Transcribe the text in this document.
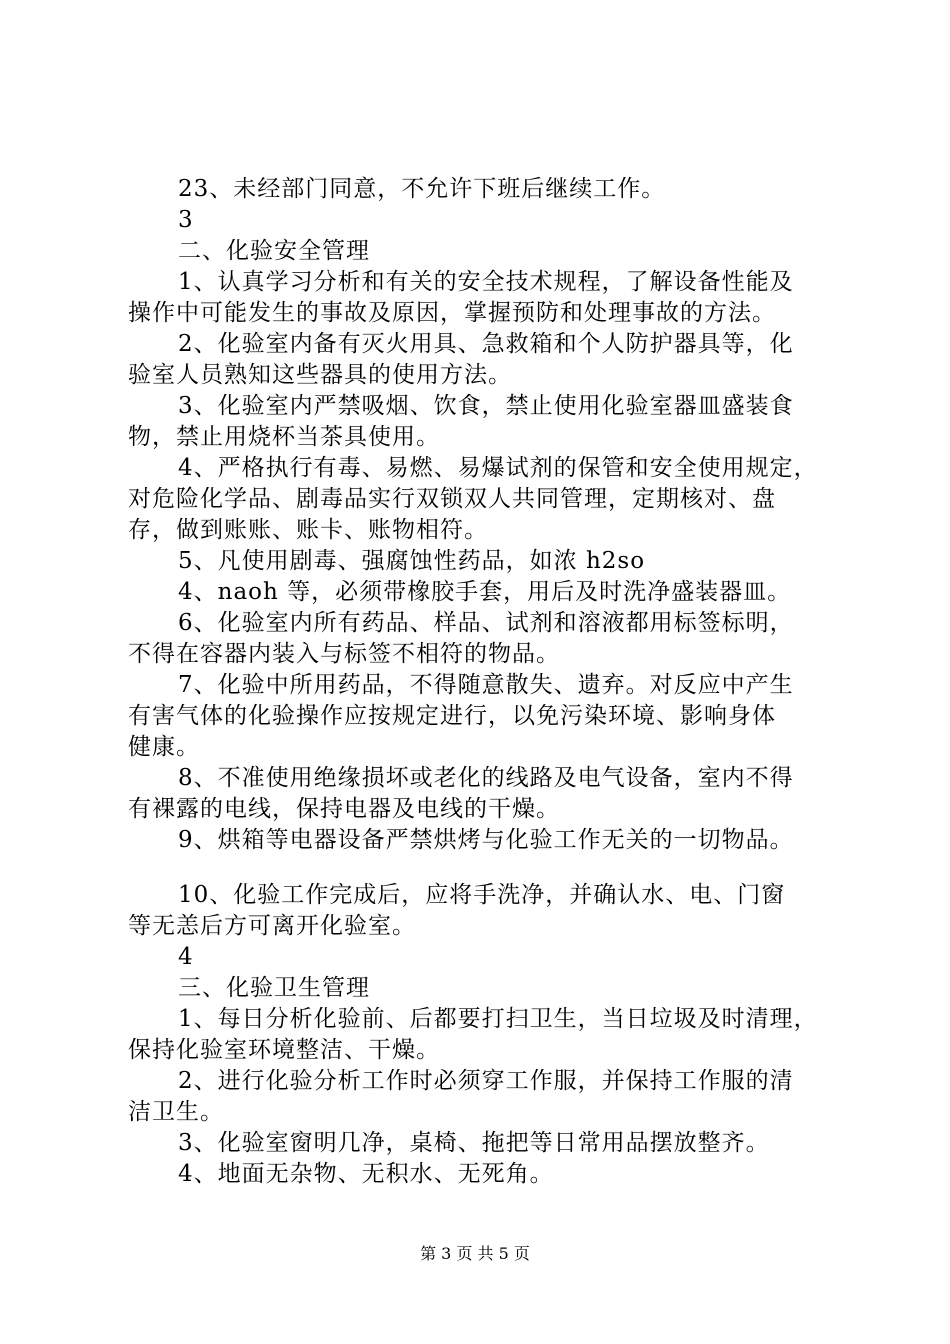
23、未经部门同意，不允许下班后继续工作。
3
二、化验安全管理
1、认真学习分析和有关的安全技术规程，了解设备性能及
操作中可能发生的事故及原因，掌握预防和处理事故的方法。
2、化验室内备有灭火用具、急救箱和个人防护器具等，化
验室人员熟知这些器具的使用方法。
3、化验室内严禁吸烟、饮食，禁止使用化验室器皿盛装食
物，禁止用烧杯当茶具使用。
4、严格执行有毒、易燃、易爆试剂的保管和安全使用规定，
对危险化学品、剧毒品实行双锁双人共同管理，定期核对、盘
存，做到账账、账卡、账物相符。
5、凡使用剧毒、强腐蚀性药品，如浓 h2so
4、naoh 等，必须带橡胶手套，用后及时洗净盛装器皿。
6、化验室内所有药品、样品、试剂和溶液都用标签标明，
不得在容器内装入与标签不相符的物品。
7、化验中所用药品，不得随意散失、遗弃。对反应中产生
有害气体的化验操作应按规定进行，以免污染环境、影响身体
健康。
8、不准使用绝缘损坏或老化的线路及电气设备，室内不得
有裸露的电线，保持电器及电线的干燥。
9、烘箱等电器设备严禁烘烤与化验工作无关的一切物品。
10、化验工作完成后，应将手洗净，并确认水、电、门窗
等无恙后方可离开化验室。
4
三、化验卫生管理
1、每日分析化验前、后都要打扫卫生，当日垃圾及时清理，
保持化验室环境整洁、干燥。
2、进行化验分析工作时必须穿工作服，并保持工作服的清
洁卫生。
3、化验室窗明几净，桌椅、拖把等日常用品摆放整齐。
4、地面无杂物、无积水、无死角。
第 3 页 共 5 页
